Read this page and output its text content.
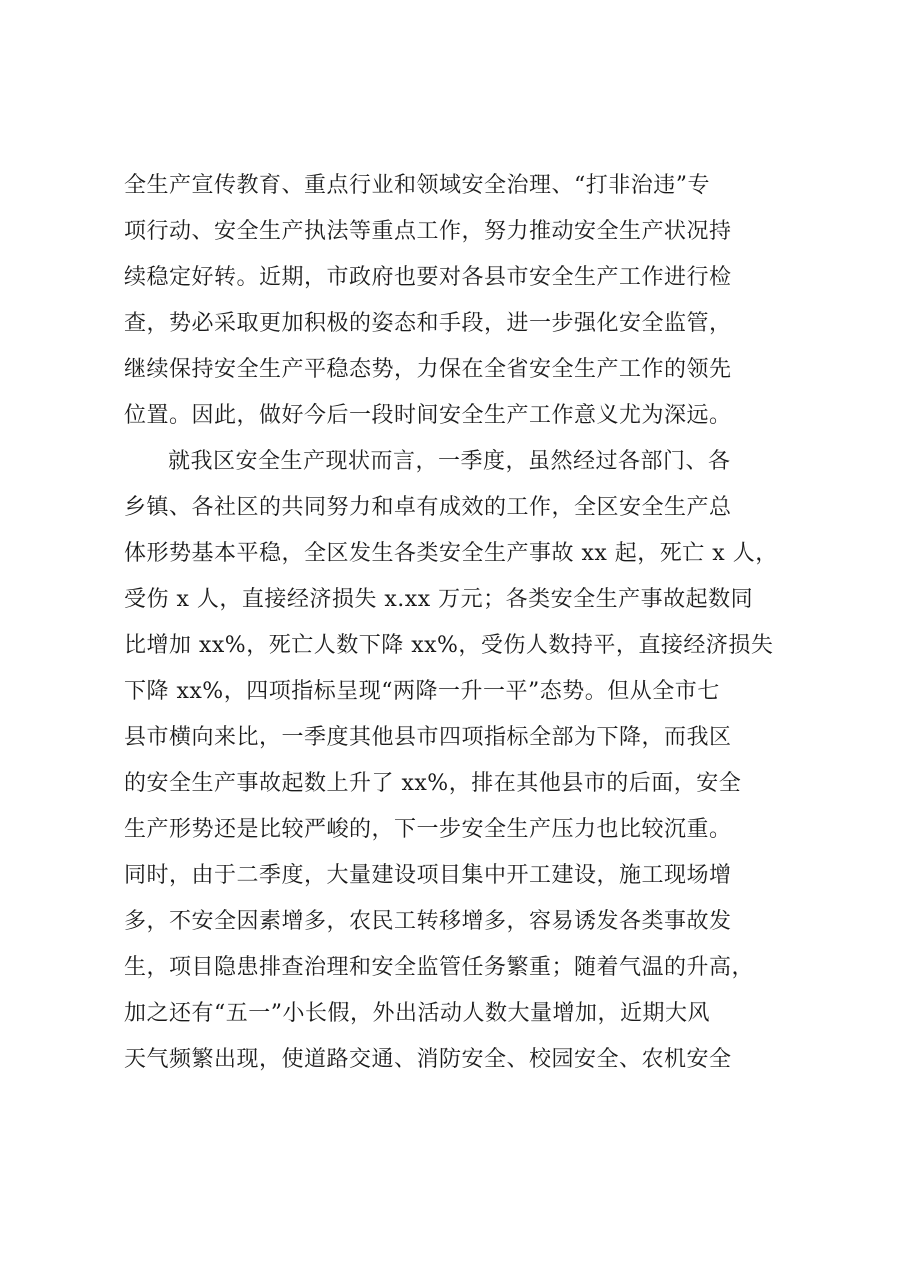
全生产宣传教育、重点行业和领域安全治理、“打非治违”专
项行动、安全生产执法等重点工作，努力推动安全生产状况持
续稳定好转。近期，市政府也要对各县市安全生产工作进行检
查，势必采取更加积极的姿态和手段，进一步强化安全监管，
继续保持安全生产平稳态势，力保在全省安全生产工作的领先
位置。因此，做好今后一段时间安全生产工作意义尤为深远。
就我区安全生产现状而言，一季度，虽然经过各部门、各
乡镇、各社区的共同努力和卓有成效的工作，全区安全生产总
体形势基本平稳，全区发生各类安全生产事故 xx 起，死亡 x 人，
受伤 x 人，直接经济损失 x.xx 万元；各类安全生产事故起数同
比增加 xx%，死亡人数下降 xx%，受伤人数持平，直接经济损失
下降 xx%，四项指标呈现“两降一升一平”态势。但从全市七
县市横向来比，一季度其他县市四项指标全部为下降，而我区
的安全生产事故起数上升了 xx%，排在其他县市的后面，安全
生产形势还是比较严峻的，下一步安全生产压力也比较沉重。
同时，由于二季度，大量建设项目集中开工建设，施工现场增
多，不安全因素增多，农民工转移增多，容易诱发各类事故发
生，项目隐患排查治理和安全监管任务繁重；随着气温的升高，
加之还有“五一”小长假，外出活动人数大量增加，近期大风
天气频繁出现，使道路交通、消防安全、校园安全、农机安全
